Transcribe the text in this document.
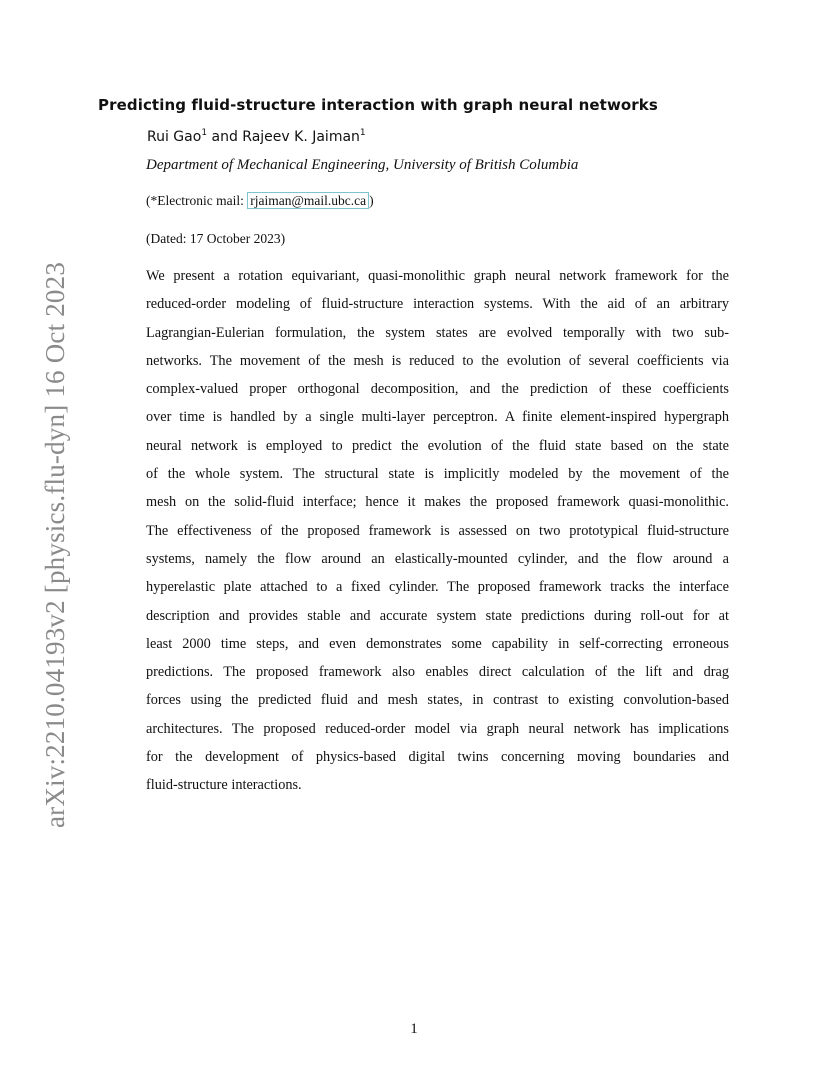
Predicting fluid-structure interaction with graph neural networks
Rui Gao$^1$ and Rajeev K. Jaiman$^1$
Department of Mechanical Engineering, University of British Columbia
(*Electronic mail: rjaiman@mail.ubc.ca )
(Dated: 17 October 2023)
We present a rotation equivariant, quasi-monolithic graph neural network framework for the
reduced-order modeling of fluid-structure interaction systems. With the aid of an arbitrary
Lagrangian-Eulerian formulation, the system states are evolved temporally with two sub-
networks. The movement of the mesh is reduced to the evolution of several coefficients via
complex-valued proper orthogonal decomposition, and the prediction of these coefficients
over time is handled by a single multi-layer perceptron. A finite element-inspired hypergraph
neural network is employed to predict the evolution of the fluid state based on the state
of the whole system. The structural state is implicitly modeled by the movement of the
mesh on the solid-fluid interface; hence it makes the proposed framework quasi-monolithic.
The effectiveness of the proposed framework is assessed on two prototypical fluid-structure
systems, namely the flow around an elastically-mounted cylinder, and the flow around a
hyperelastic plate attached to a fixed cylinder. The proposed framework tracks the interface
description and provides stable and accurate system state predictions during roll-out for at
least 2000 time steps, and even demonstrates some capability in self-correcting erroneous
predictions. The proposed framework also enables direct calculation of the lift and drag
forces using the predicted fluid and mesh states, in contrast to existing convolution-based
architectures. The proposed reduced-order model via graph neural network has implications
for the development of physics-based digital twins concerning moving boundaries and
fluid-structure interactions.
arXiv:2210.04193v2 [physics.flu-dyn] 16 Oct 2023
1
